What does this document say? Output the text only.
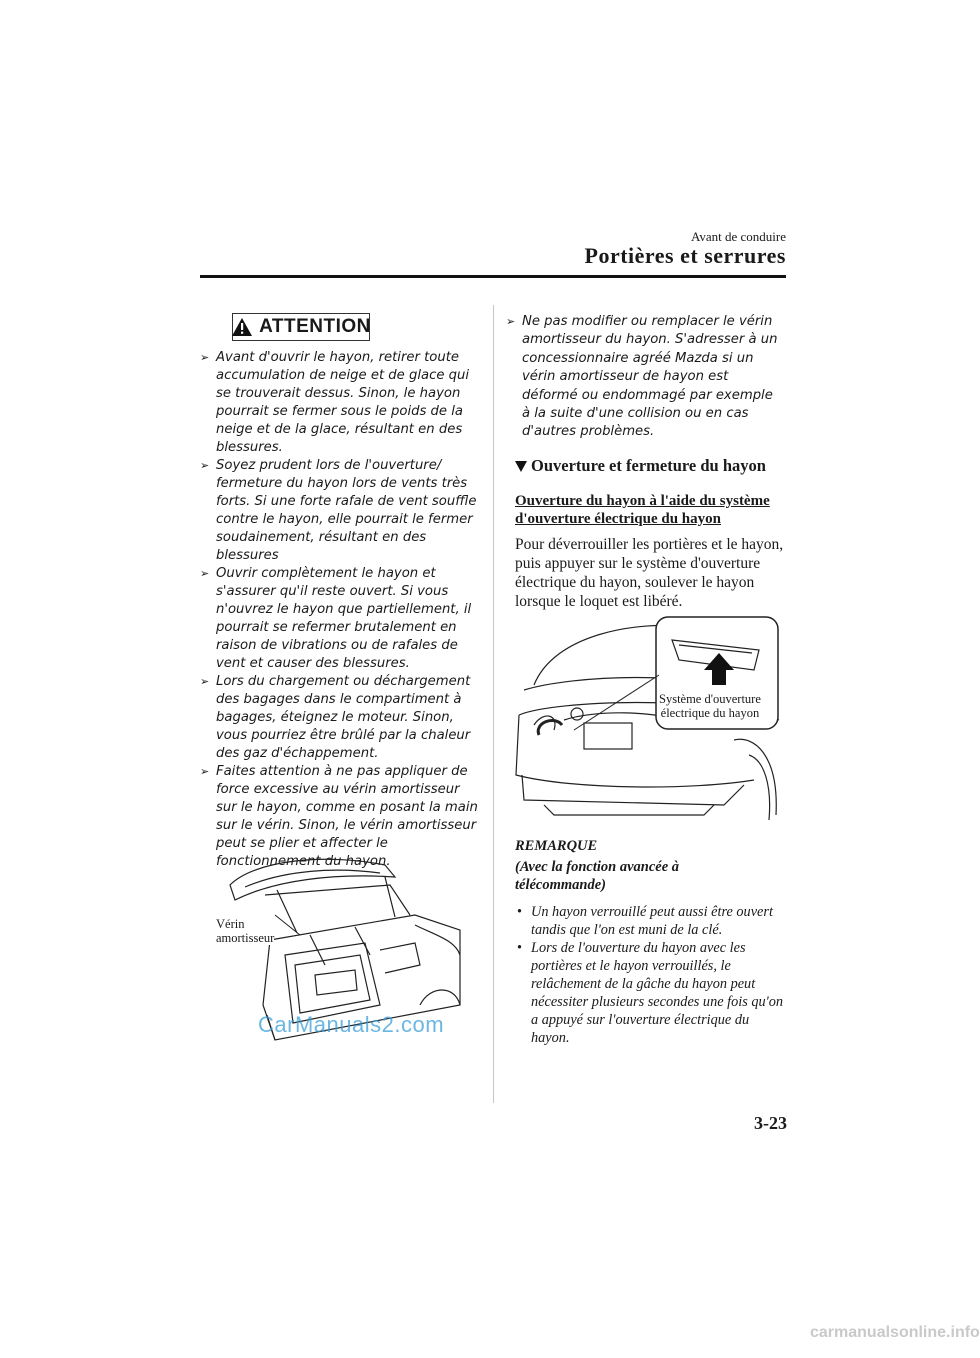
Avant de conduire
Portières et serrures
ATTENTION
➢ Avant d'ouvrir le hayon, retirer toute accumulation de neige et de glace qui se trouverait dessus. Sinon, le hayon pourrait se fermer sous le poids de la neige et de la glace, résultant en des blessures.
➢ Soyez prudent lors de l'ouverture/ fermeture du hayon lors de vents très forts. Si une forte rafale de vent souffle contre le hayon, elle pourrait le fermer soudainement, résultant en des blessures
➢ Ouvrir complètement le hayon et s'assurer qu'il reste ouvert. Si vous n'ouvrez le hayon que partiellement, il pourrait se refermer brutalement en raison de vibrations ou de rafales de vent et causer des blessures.
➢ Lors du chargement ou déchargement des bagages dans le compartiment à bagages, éteignez le moteur. Sinon, vous pourriez être brûlé par la chaleur des gaz d'échappement.
➢ Faites attention à ne pas appliquer de force excessive au vérin amortisseur sur le hayon, comme en posant la main sur le vérin. Sinon, le vérin amortisseur peut se plier et affecter le fonctionnement du hayon.
Vérin
amortisseur
CarManuals2.com
➢ Ne pas modifier ou remplacer le vérin amortisseur du hayon. S'adresser à un concessionnaire agréé Mazda si un vérin amortisseur de hayon est déformé ou endommagé par exemple à la suite d'une collision ou en cas d'autres problèmes.
Ouverture et fermeture du hayon
Ouverture du hayon à l'aide du système d'ouverture électrique du hayon
Pour déverrouiller les portières et le hayon, puis appuyer sur le système d'ouverture électrique du hayon, soulever le hayon lorsque le loquet est libéré.
Système d'ouverture
électrique du hayon
REMARQUE
(Avec la fonction avancée à télécommande)
• Un hayon verrouillé peut aussi être ouvert tandis que l'on est muni de la clé.
• Lors de l'ouverture du hayon avec les portières et le hayon verrouillés, le relâchement de la gâche du hayon peut nécessiter plusieurs secondes une fois qu'on a appuyé sur l'ouverture électrique du hayon.
3-23
carmanualsonline.info
